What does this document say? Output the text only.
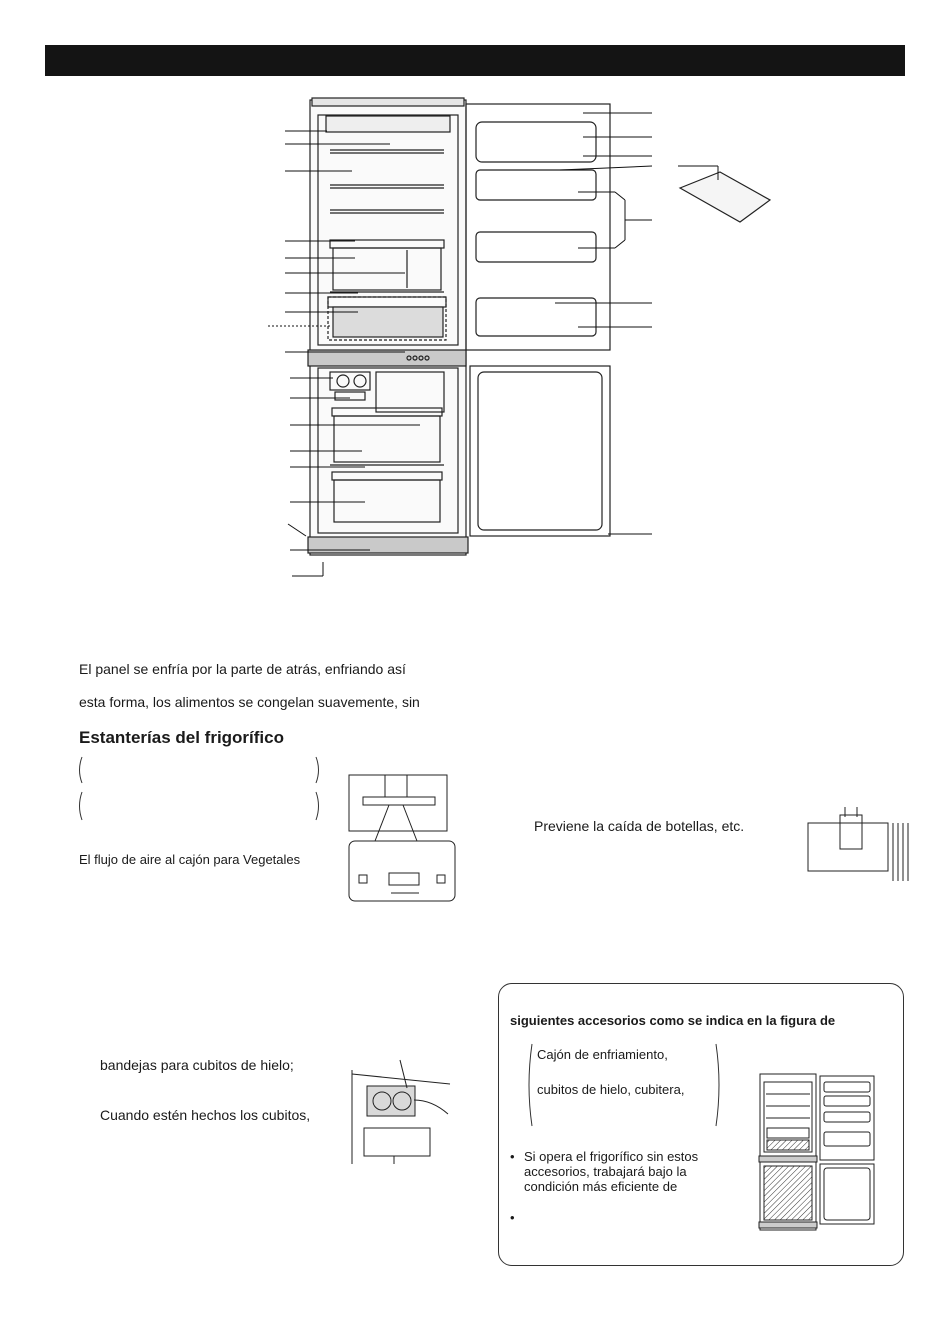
El panel se enfría por la parte de atrás, enfriando así
esta forma, los alimentos se congelan suavemente, sin
Estanterías del frigorífico
El flujo de aire al cajón para Vegetales
Previene la caída de botellas, etc.
bandejas para cubitos de hielo;
Cuando estén hechos los cubitos,
siguientes accesorios como se indica en la figura de
Cajón de enfriamiento,
cubitos de hielo, cubitera,
• Si opera el frigorífico sin estos
accesorios, trabajará bajo la
condición más eficiente de
•
